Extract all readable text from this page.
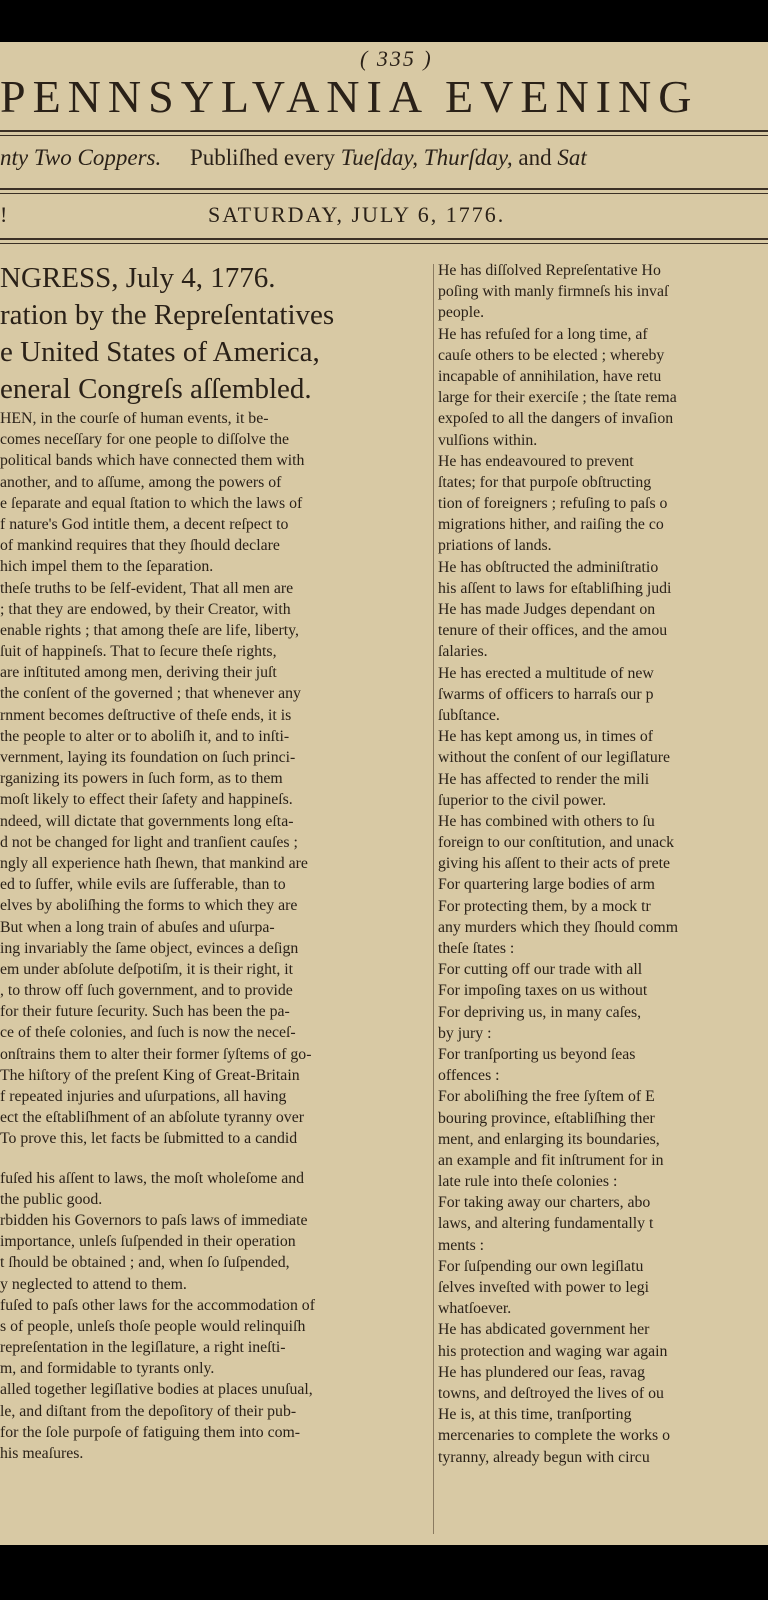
( 335 )
PENNSYLVANIA EVENING
nty Two Coppers. Publiſhed every Tueſday, Thurſday, and Sat
!	SATURDAY, JULY 6, 1776.
NGRESS, July 4, 1776.
ration by the Repreſentatives
e United States of America,
eneral Congreſs aſſembled.
HEN, in the courſe of human events, it be-
comes neceſſary for one people to diſſolve the
political bands which have connected them with
another, and to aſſume, among the powers of
e ſeparate and equal ſtation to which the laws of
f nature's God intitle them, a decent reſpect to
of mankind requires that they ſhould declare
hich impel them to the ſeparation.
theſe truths to be ſelf-evident, That all men are
; that they are endowed, by their Creator, with
enable rights ; that among theſe are life, liberty,
ſuit of happineſs. That to ſecure theſe rights,
are inſtituted among men, deriving their juſt
the conſent of the governed ; that whenever any
rnment becomes deſtructive of theſe ends, it is
the people to alter or to aboliſh it, and to inſti-
vernment, laying its foundation on ſuch princi-
rganizing its powers in ſuch form, as to them
moſt likely to effect their ſafety and happineſs.
ndeed, will dictate that governments long eſta-
d not be changed for light and tranſient cauſes ;
ngly all experience hath ſhewn, that mankind are
ed to ſuffer, while evils are ſufferable, than to
elves by aboliſhing the forms to which they are
But when a long train of abuſes and uſurpa-
ing invariably the ſame object, evinces a deſign
em under abſolute deſpotiſm, it is their right, it
, to throw off ſuch government, and to provide
for their future ſecurity. Such has been the pa-
ce of theſe colonies, and ſuch is now the neceſ-
onſtrains them to alter their former ſyſtems of go-
The hiſtory of the preſent King of Great-Britain
f repeated injuries and uſurpations, all having
ect the eſtabliſhment of an abſolute tyranny over
To prove this, let facts be ſubmitted to a candid
fuſed his aſſent to laws, the moſt wholeſome and
the public good.
rbidden his Governors to paſs laws of immediate
importance, unleſs ſuſpended in their operation
t ſhould be obtained ; and, when ſo ſuſpended,
y neglected to attend to them.
fuſed to paſs other laws for the accommodation of
s of people, unleſs thoſe people would relinquiſh
repreſentation in the legiſlature, a right ineſti-
m, and formidable to tyrants only.
alled together legiſlative bodies at places unuſual,
le, and diſtant from the depoſitory of their pub-
for the ſole purpoſe of fatiguing them into com-
his meaſures.
He has diſſolved Repreſentative Ho
poſing with manly firmneſs his invaſ
people.
He has refuſed for a long time, af
cauſe others to be elected ; whereby
incapable of annihilation, have retu
large for their exerciſe ; the ſtate rema
expoſed to all the dangers of invaſion
vulſions within.
He has endeavoured to prevent
ſtates; for that purpoſe obſtructing
tion of foreigners ; refuſing to paſs o
migrations hither, and raiſing the co
priations of lands.
He has obſtructed the adminiſtratio
his aſſent to laws for eſtabliſhing judi
He has made Judges dependant on
tenure of their offices, and the amou
ſalaries.
He has erected a multitude of new
ſwarms of officers to harraſs our p
ſubſtance.
He has kept among us, in times of
without the conſent of our legiſlature
He has affected to render the mili
ſuperior to the civil power.
He has combined with others to ſu
foreign to our conſtitution, and unack
giving his aſſent to their acts of prete
For quartering large bodies of arm
For protecting them, by a mock tr
any murders which they ſhould comm
theſe ſtates :
For cutting off our trade with all
For impoſing taxes on us without
For depriving us, in many caſes,
by jury :
For tranſporting us beyond ſeas
offences :
For aboliſhing the free ſyſtem of E
bouring province, eſtabliſhing ther
ment, and enlarging its boundaries,
an example and fit inſtrument for in
late rule into theſe colonies :
For taking away our charters, abo
laws, and altering fundamentally t
ments :
For ſuſpending our own legiſlatu
ſelves inveſted with power to legi
whatſoever.
He has abdicated government her
his protection and waging war again
He has plundered our ſeas, ravag
towns, and deſtroyed the lives of ou
He is, at this time, tranſporting
mercenaries to complete the works o
tyranny, already begun with circu
